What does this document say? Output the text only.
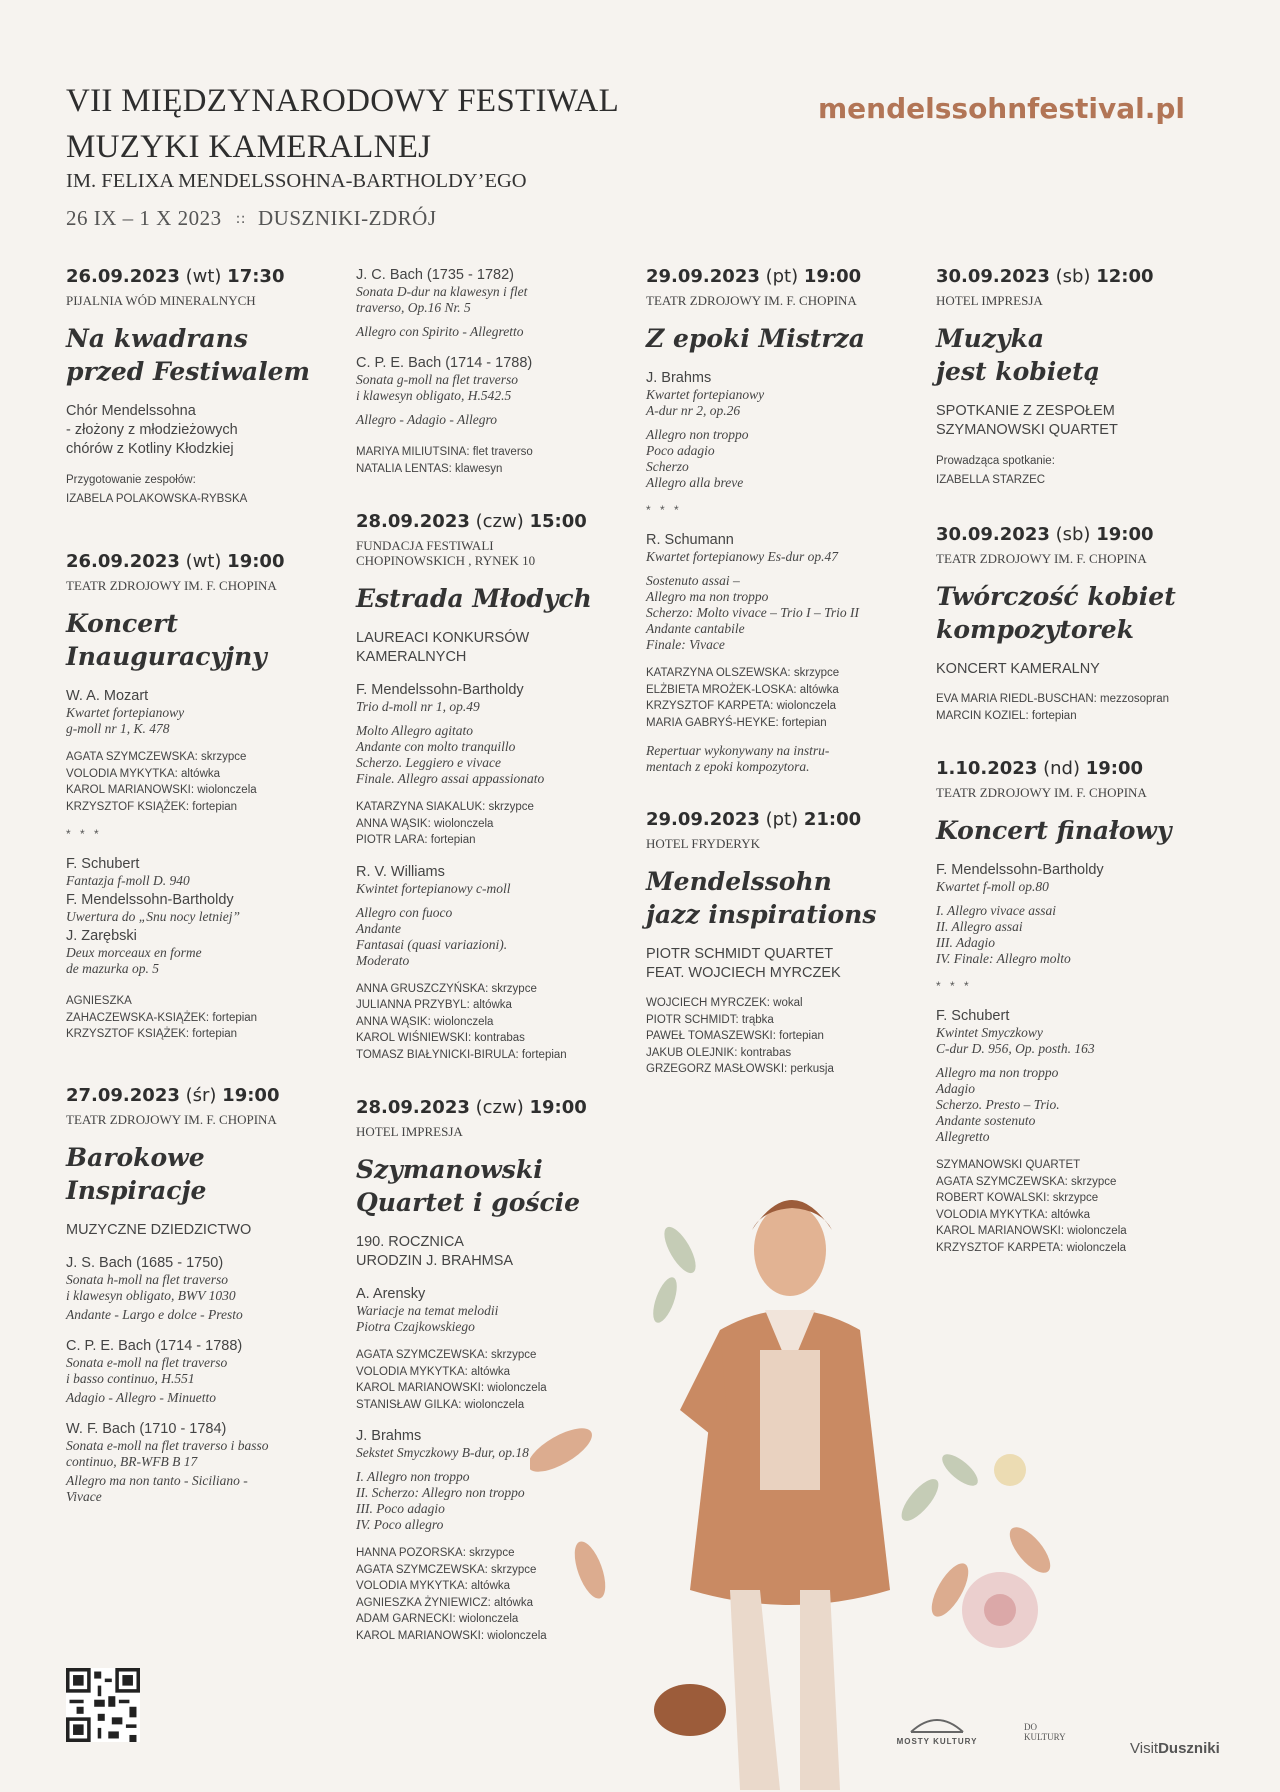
VII MIĘDZYNARODOWY FESTIWAL
MUZYKI KAMERALNEJ
IM. FELIXA MENDELSSOHNA-BARTHOLDY’EGO
26 IX – 1 X 2023 :: DUSZNIKI-ZDRÓJ
mendelssohnfestival.pl
26.09.2023 (wt) 17:30
PIJALNIA WÓD MINERALNYCH
Na kwadrans
przed Festiwalem
Chór Mendelssohna
- złożony z młodzieżowych
chórów z Kotliny Kłodzkiej
Przygotowanie zespołów:
IZABELA POLAKOWSKA-RYBSKA
26.09.2023 (wt) 19:00
TEATR ZDROJOWY IM. F. CHOPINA
Koncert
Inauguracyjny
W. A. Mozart
Kwartet fortepianowy
g-moll nr 1, K. 478
AGATA SZYMCZEWSKA: skrzypce
VOLODIA MYKYTKA: altówka
KAROL MARIANOWSKI: wiolonczela
KRZYSZTOF KSIĄŻEK: fortepian
* * *
F. Schubert
Fantazja f-moll D. 940
F. Mendelssohn-Bartholdy
Uwertura do „Snu nocy letniej”
J. Zarębski
Deux morceaux en forme
de mazurka op. 5
AGNIESZKA
ZAHACZEWSKA-KSIĄŻEK: fortepian
KRZYSZTOF KSIĄŻEK: fortepian
27.09.2023 (śr) 19:00
TEATR ZDROJOWY IM. F. CHOPINA
Barokowe
Inspiracje
MUZYCZNE DZIEDZICTWO
J. S. Bach (1685 - 1750)
Sonata h-moll na flet traverso
i klawesyn obligato, BWV 1030
Andante - Largo e dolce - Presto
C. P. E. Bach (1714 - 1788)
Sonata e-moll na flet traverso
i basso continuo, H.551
Adagio - Allegro - Minuetto
W. F. Bach (1710 - 1784)
Sonata e-moll na flet traverso i basso
continuo, BR-WFB B 17
Allegro ma non tanto - Siciliano -
Vivace
J. C. Bach (1735 - 1782)
Sonata D-dur na klawesyn i flet
traverso, Op.16 Nr. 5
Allegro con Spirito - Allegretto
C. P. E. Bach (1714 - 1788)
Sonata g-moll na flet traverso
i klawesyn obligato, H.542.5
Allegro - Adagio - Allegro
MARIYA MILIUTSINA: flet traverso
NATALIA LENTAS: klawesyn
28.09.2023 (czw) 15:00
FUNDACJA FESTIWALI
CHOPINOWSKICH , RYNEK 10
Estrada Młodych
LAUREACI KONKURSÓW
KAMERALNYCH
F. Mendelssohn-Bartholdy
Trio d-moll nr 1, op.49
Molto Allegro agitato
Andante con molto tranquillo
Scherzo. Leggiero e vivace
Finale. Allegro assai appassionato
KATARZYNA SIAKALUK: skrzypce
ANNA WĄSIK: wiolonczela
PIOTR LARA: fortepian
R. V. Williams
Kwintet fortepianowy c-moll
Allegro con fuoco
Andante
Fantasai (quasi variazioni).
Moderato
ANNA GRUSZCZYŃSKA: skrzypce
JULIANNA PRZYBYL: altówka
ANNA WĄSIK: wiolonczela
KAROL WIŚNIEWSKI: kontrabas
TOMASZ BIAŁYNICKI-BIRULA: fortepian
28.09.2023 (czw) 19:00
HOTEL IMPRESJA
Szymanowski
Quartet i goście
190. ROCZNICA
URODZIN J. BRAHMSA
A. Arensky
Wariacje na temat melodii
Piotra Czajkowskiego
AGATA SZYMCZEWSKA: skrzypce
VOLODIA MYKYTKA: altówka
KAROL MARIANOWSKI: wiolonczela
STANISŁAW GILKA: wiolonczela
J. Brahms
Sekstet Smyczkowy B-dur, op.18
I. Allegro non troppo
II. Scherzo: Allegro non troppo
III. Poco adagio
IV. Poco allegro
HANNA POZORSKA: skrzypce
AGATA SZYMCZEWSKA: skrzypce
VOLODIA MYKYTKA: altówka
AGNIESZKA ŻYNIEWICZ: altówka
ADAM GARNECKI: wiolonczela
KAROL MARIANOWSKI: wiolonczela
29.09.2023 (pt) 19:00
TEATR ZDROJOWY IM. F. CHOPINA
Z epoki Mistrza
J. Brahms
Kwartet fortepianowy
A-dur nr 2, op.26
Allegro non troppo
Poco adagio
Scherzo
Allegro alla breve
* * *
R. Schumann
Kwartet fortepianowy Es-dur op.47
Sostenuto assai –
Allegro ma non troppo
Scherzo: Molto vivace – Trio I – Trio II
Andante cantabile
Finale: Vivace
KATARZYNA OLSZEWSKA: skrzypce
ELŻBIETA MROŻEK-LOSKA: altówka
KRZYSZTOF KARPETA: wiolonczela
MARIA GABRYŚ-HEYKE: fortepian
Repertuar wykonywany na instru-
mentach z epoki kompozytora.
29.09.2023 (pt) 21:00
HOTEL FRYDERYK
Mendelssohn
jazz inspirations
PIOTR SCHMIDT QUARTET
FEAT. WOJCIECH MYRCZEK
WOJCIECH MYRCZEK: wokal
PIOTR SCHMIDT: trąbka
PAWEŁ TOMASZEWSKI: fortepian
JAKUB OLEJNIK: kontrabas
GRZEGORZ MASŁOWSKI: perkusja
30.09.2023 (sb) 12:00
HOTEL IMPRESJA
Muzyka
jest kobietą
SPOTKANIE Z ZESPOŁEM
SZYMANOWSKI QUARTET
Prowadząca spotkanie:
IZABELLA STARZEC
30.09.2023 (sb) 19:00
TEATR ZDROJOWY IM. F. CHOPINA
Twórczość kobiet
kompozytorek
KONCERT KAMERALNY
EVA MARIA RIEDL-BUSCHAN: mezzosopran
MARCIN KOZIEL: fortepian
1.10.2023 (nd) 19:00
TEATR ZDROJOWY IM. F. CHOPINA
Koncert finałowy
F. Mendelssohn-Bartholdy
Kwartet f-moll op.80
I. Allegro vivace assai
II. Allegro assai
III. Adagio
IV. Finale: Allegro molto
* * *
F. Schubert
Kwintet Smyczkowy
C-dur D. 956, Op. posth. 163
Allegro ma non troppo
Adagio
Scherzo. Presto – Trio.
Andante sostenuto
Allegretto
SZYMANOWSKI QUARTET
AGATA SZYMCZEWSKA: skrzypce
ROBERT KOWALSKI: skrzypce
VOLODIA MYKYTKA: altówka
KAROL MARIANOWSKI: wiolonczela
KRZYSZTOF KARPETA: wiolonczela
MOSTY KULTURY
DO
KULTURY
VisitDuszniki
